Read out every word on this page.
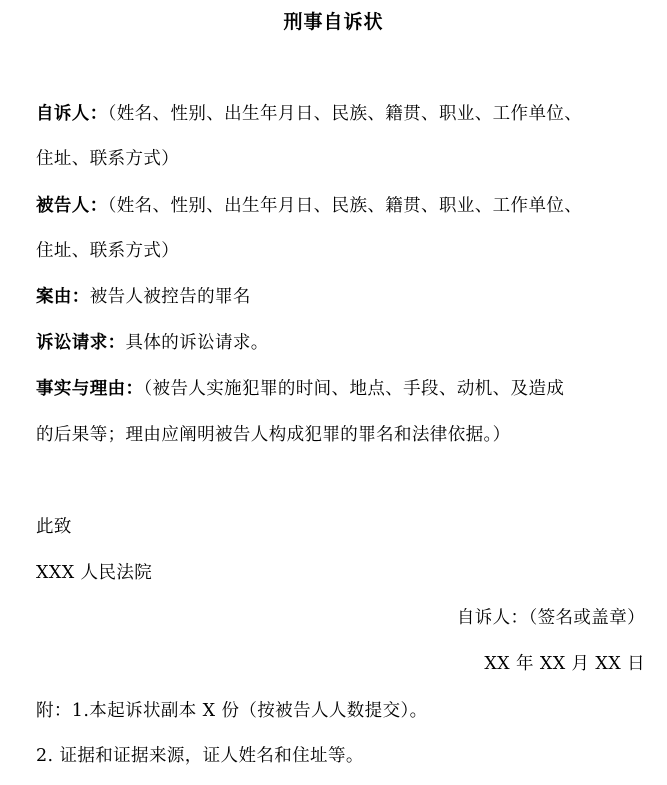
刑事自诉状
自诉人：（姓名、性别、出生年月日、民族、籍贯、职业、工作单位、
住址、联系方式）
被告人：（姓名、性别、出生年月日、民族、籍贯、职业、工作单位、
住址、联系方式）
案由：被告人被控告的罪名
诉讼请求：具体的诉讼请求。
事实与理由：（被告人实施犯罪的时间、地点、手段、动机、及造成
的后果等；理由应阐明被告人构成犯罪的罪名和法律依据。）
此致
XXX 人民法院
自诉人：（签名或盖章）
XX 年 XX 月 XX 日
附：1.本起诉状副本 X 份（按被告人人数提交）。
2. 证据和证据来源，证人姓名和住址等。
